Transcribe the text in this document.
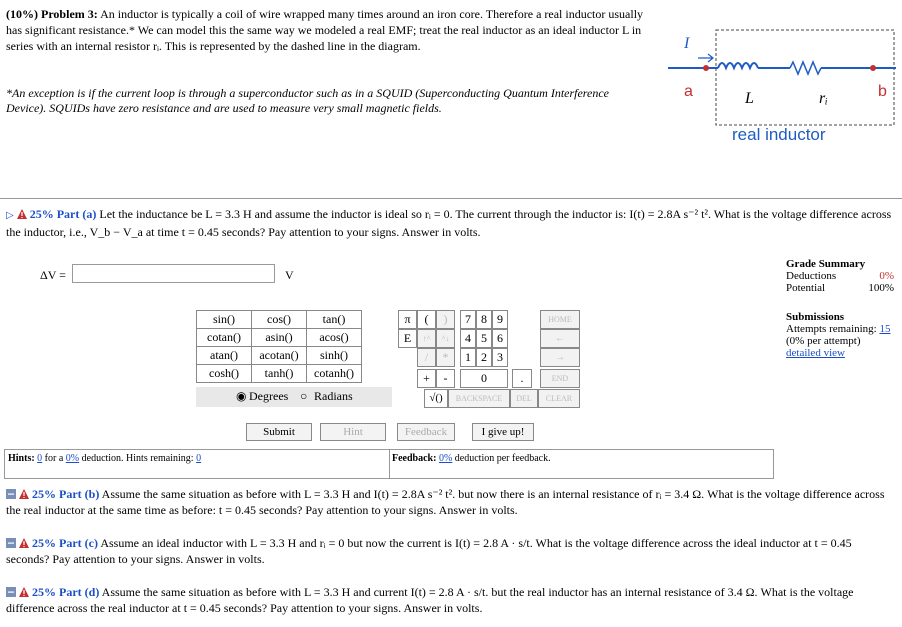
(10%) Problem 3: An inductor is typically a coil of wire wrapped many times around an iron core. Therefore a real inductor usually has significant resistance.* We can model this the same way we modeled a real EMF; treat the real inductor as an ideal inductor L in series with an internal resistor rᵢ. This is represented by the dashed line in the diagram.
*An exception is if the current loop is through a superconductor such as in a SQUID (Superconducting Quantum Interference Device). SQUIDs have zero resistance and are used to measure very small magnetic fields.
I
a	b
L	rᵢ
real inductor
▷ 25% Part (a) Let the inductance be L = 3.3 H and assume the inductor is ideal so rᵢ = 0. The current through the inductor is: I(t) = 2.8A s⁻² t². What is the voltage difference across the inductor, i.e., V_b − V_a at time t = 0.45 seconds? Pay attention to your signs. Answer in volts.
ΔV =	V
Grade Summary
Deductions	0%
Potential	100%
Submissions
Attempts remaining: 15
(0% per attempt)
detailed view
sin()	cos()	tan()
cotan()	asin()	acos()
atan()	acotan()	sinh()
cosh()	tanh()	cotanh()
◉ Degrees ○ Radians
π	(	)
E	↑^	^↓
/	*
+	-
√()	BACKSPACE	DEL	CLEAR
7 8 9
4 5 6
1 2 3
0	.
HOME
←
→
END
Submit	Hint	Feedback	I give up!
Hints: 0 for a 0% deduction. Hints remaining: 0	Feedback: 0% deduction per feedback.
25% Part (b) Assume the same situation as before with L = 3.3 H and I(t) = 2.8A s⁻² t². but now there is an internal resistance of rᵢ = 3.4 Ω. What is the voltage difference across the real inductor at the same time as before: t = 0.45 seconds? Pay attention to your signs. Answer in volts.
25% Part (c) Assume an ideal inductor with L = 3.3 H and rᵢ = 0 but now the current is I(t) = 2.8 A · s/t. What is the voltage difference across the ideal inductor at t = 0.45 seconds? Pay attention to your signs. Answer in volts.
25% Part (d) Assume the same situation as before with L = 3.3 H and current I(t) = 2.8 A · s/t. but the real inductor has an internal resistance of 3.4 Ω. What is the voltage difference across the real inductor at t = 0.45 seconds? Pay attention to your signs. Answer in volts.
